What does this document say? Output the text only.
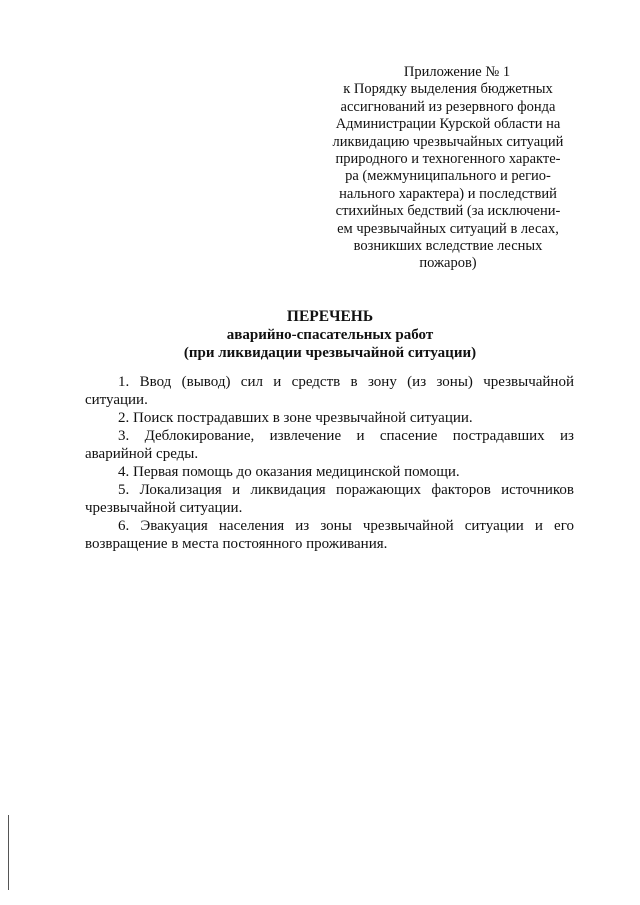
Приложение № 1
к Порядку выделения бюджетных
ассигнований из резервного фонда
Администрации Курской области на
ликвидацию чрезвычайных ситуаций
природного и техногенного характе-
ра (межмуниципального и регио-
нального характера) и последствий
стихийных бедствий (за исключени-
ем чрезвычайных ситуаций в лесах,
возникших вследствие лесных
пожаров)
ПЕРЕЧЕНЬ
аварийно-спасательных работ
(при ликвидации чрезвычайной ситуации)
1. Ввод (вывод) сил и средств в зону (из зоны) чрезвычайной ситуации.
2. Поиск пострадавших в зоне чрезвычайной ситуации.
3. Деблокирование, извлечение и спасение пострадавших из аварийной среды.
4. Первая помощь до оказания медицинской помощи.
5. Локализация и ликвидация поражающих факторов источников чрезвычайной ситуации.
6. Эвакуация населения из зоны чрезвычайной ситуации и его возвращение в места постоянного проживания.
